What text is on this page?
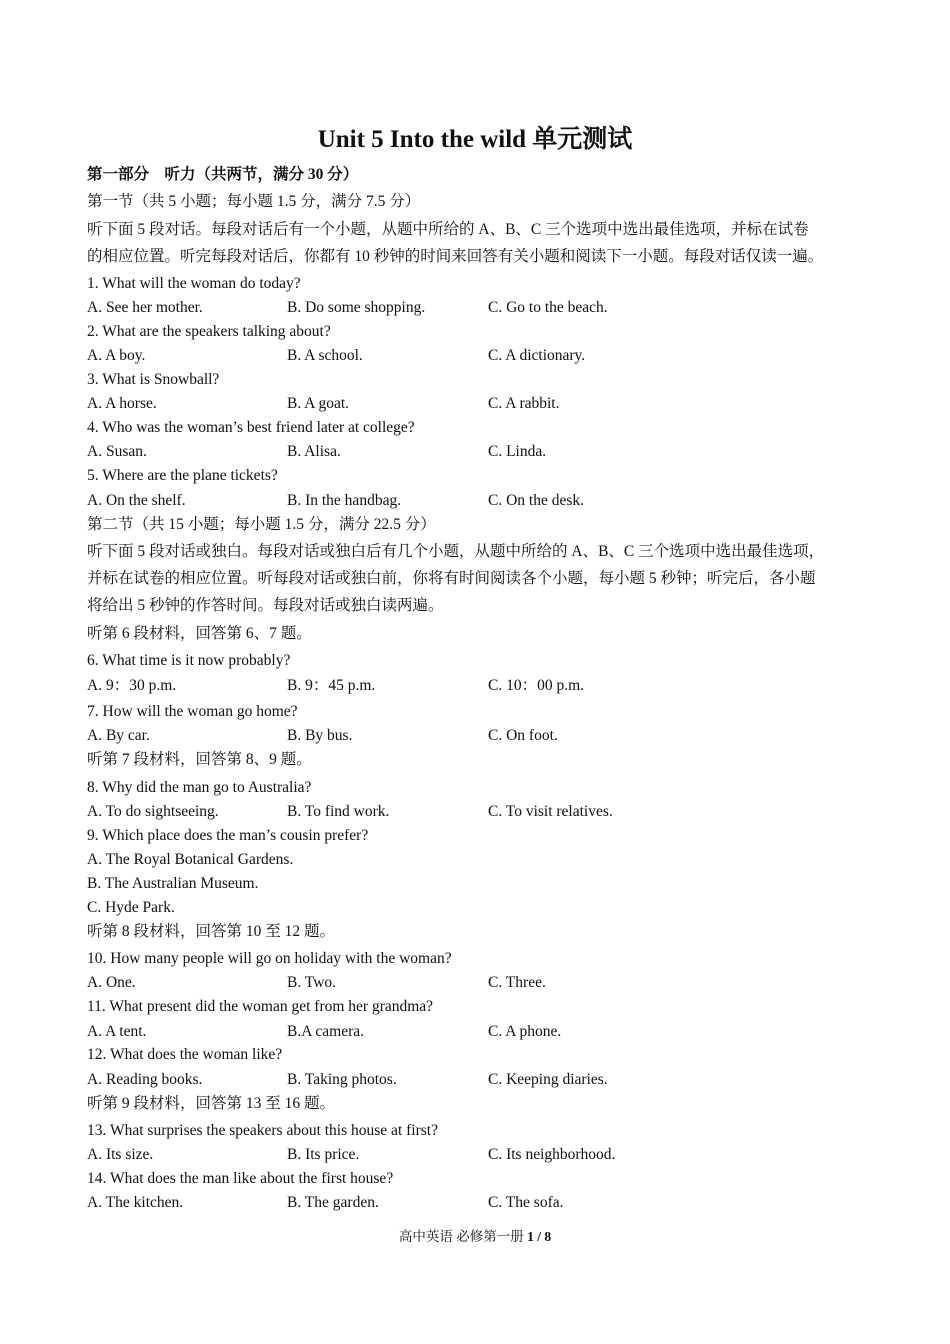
Unit 5 Into the wild 单元测试
第一部分　听力（共两节，满分 30 分）
第一节（共 5 小题；每小题 1.5 分，满分 7.5 分）
听下面 5 段对话。每段对话后有一个小题，从题中所给的 A、B、C 三个选项中选出最佳选项，并标在试卷
的相应位置。听完每段对话后，你都有 10 秒钟的时间来回答有关小题和阅读下一小题。每段对话仅读一遍。
1. What will the woman do today?
A. See her mother.	B. Do some shopping.	C. Go to the beach.
2. What are the speakers talking about?
A. A boy.	B. A school.	C. A dictionary.
3. What is Snowball?
A. A horse.	B. A goat.	C. A rabbit.
4. Who was the woman’s best friend later at college?
A. Susan.	B. Alisa.	C. Linda.
5. Where are the plane tickets?
A. On the shelf.	B. In the handbag.	C. On the desk.
第二节（共 15 小题；每小题 1.5 分，满分 22.5 分）
听下面 5 段对话或独白。每段对话或独白后有几个小题，从题中所给的 A、B、C 三个选项中选出最佳选项，
并标在试卷的相应位置。听每段对话或独白前，你将有时间阅读各个小题，每小题 5 秒钟；听完后，各小题
将给出 5 秒钟的作答时间。每段对话或独白读两遍。
听第 6 段材料，回答第 6、7 题。
6. What time is it now probably?
A. 9：30 p.m.	B. 9：45 p.m.	C. 10：00 p.m.
7. How will the woman go home?
A. By car.	B. By bus.	C. On foot.
听第 7 段材料，回答第 8、9 题。
8. Why did the man go to Australia?
A. To do sightseeing.	B. To find work.	C. To visit relatives.
9. Which place does the man’s cousin prefer?
A. The Royal Botanical Gardens.
B. The Australian Museum.
C. Hyde Park.
听第 8 段材料，回答第 10 至 12 题。
10. How many people will go on holiday with the woman?
A. One.	B. Two.	C. Three.
11. What present did the woman get from her grandma?
A. A tent.	B.A camera.	C. A phone.
12. What does the woman like?
A. Reading books.	B. Taking photos.	C. Keeping diaries.
听第 9 段材料，回答第 13 至 16 题。
13. What surprises the speakers about this house at first?
A. Its size.	B. Its price.	C. Its neighborhood.
14. What does the man like about the first house?
A. The kitchen.	B. The garden.	C. The sofa.
高中英语 必修第一册 1 / 8
